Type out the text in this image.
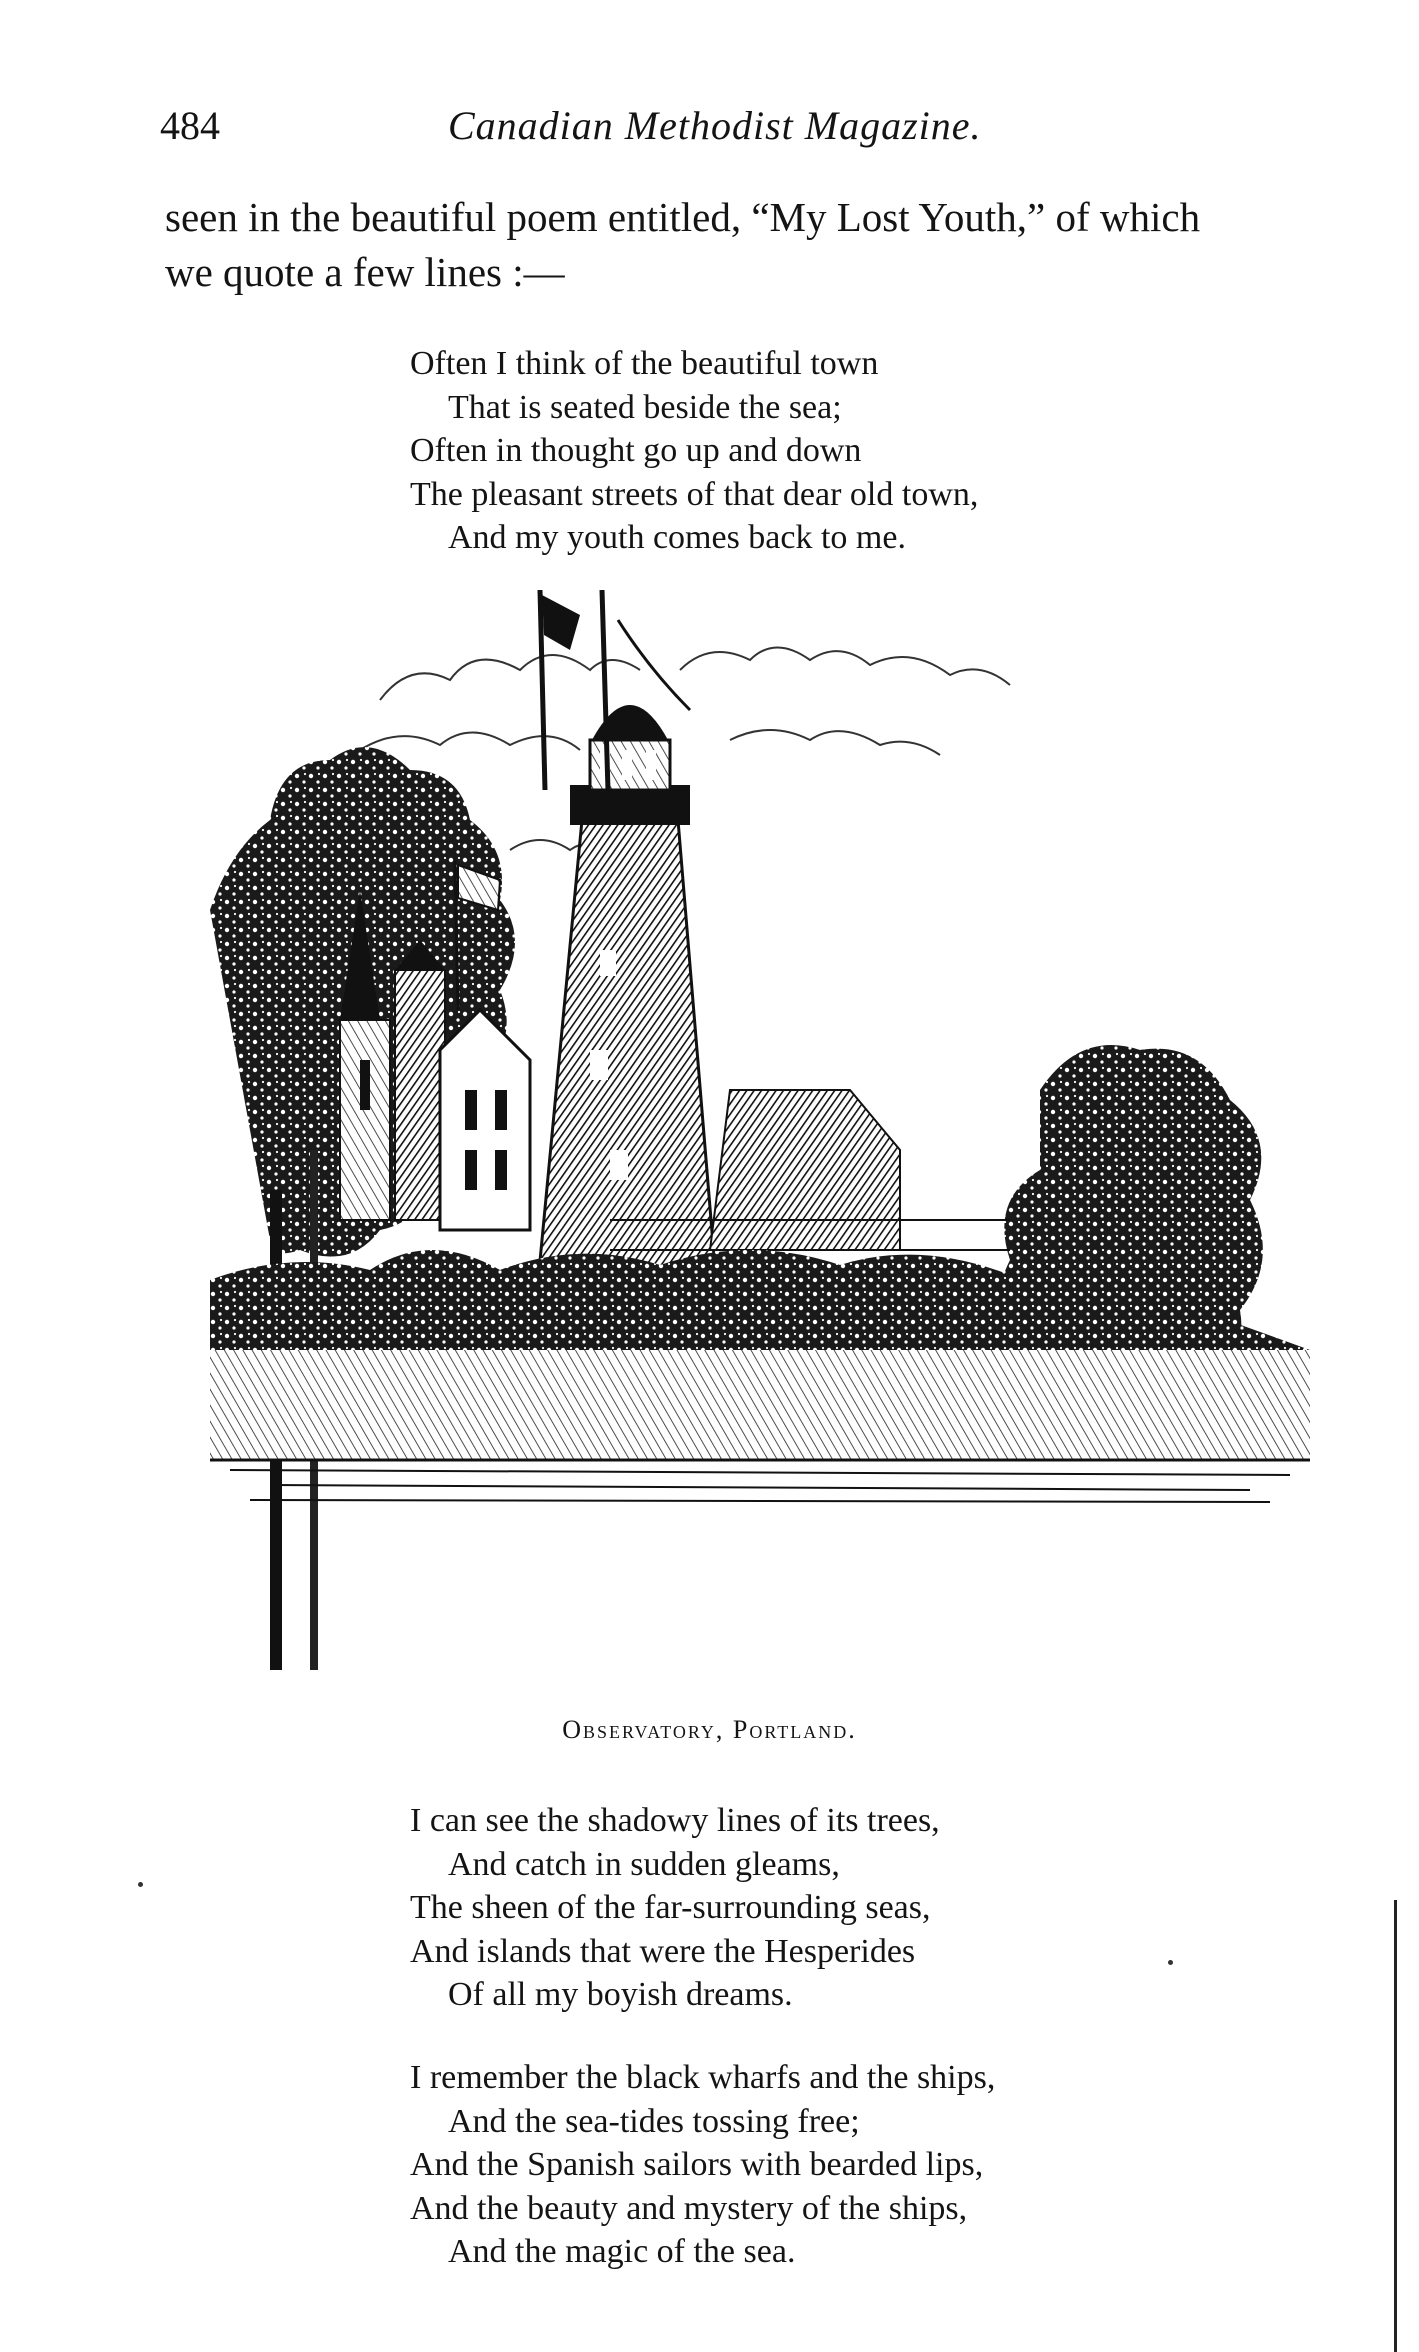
484	Canadian Methodist Magazine.

seen in the beautiful poem entitled, “My Lost Youth,” of which

we quote a few lines :—

Often I think of the beautiful town
That is seated beside the sea;
Often in thought go up and down
The pleasant streets of that dear old town,
And my youth comes back to me.
Observatory, Portland.
I can see the shadowy lines of its trees,
And catch in sudden gleams,
The sheen of the far-surrounding seas,
And islands that were the Hesperides
Of all my boyish dreams.
I remember the black wharfs and the ships,
And the sea-tides tossing free;
And the Spanish sailors with bearded lips,
And the beauty and mystery of the ships,
And the magic of the sea.
